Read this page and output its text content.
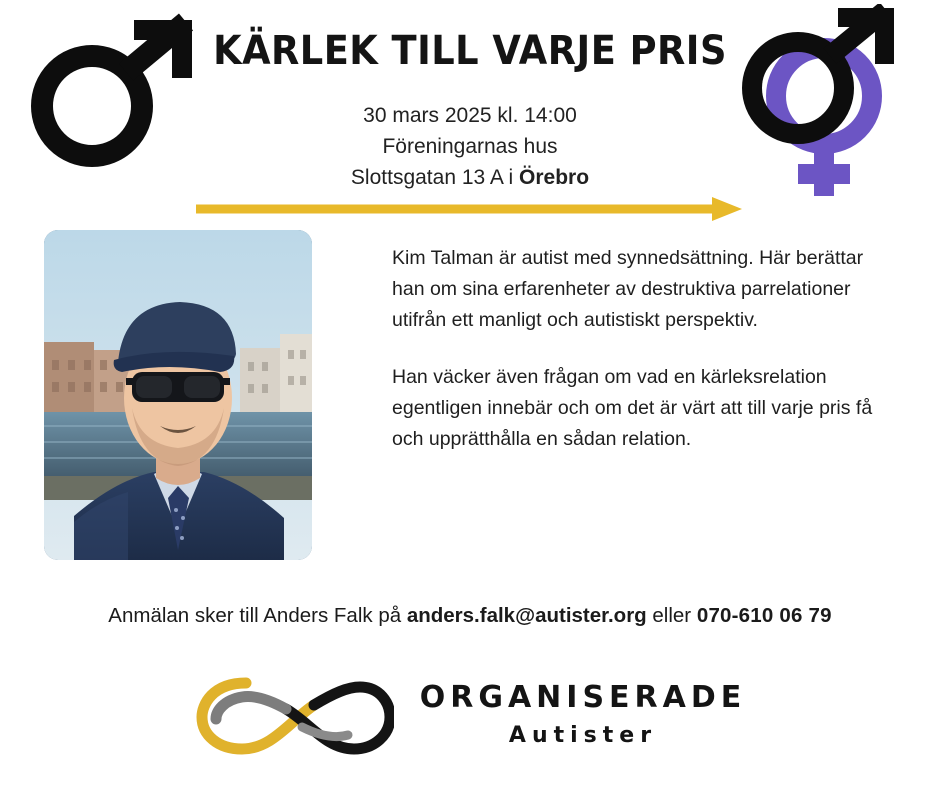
KÄRLEK TILL VARJE PRIS
30 mars 2025 kl. 14:00
Föreningarnas hus
Slottsgatan 13 A i Örebro

Kim Talman är autist med synnedsättning. Här berättar han om sina erfarenheter av destruktiva parrelationer utifrån ett manligt och autistiskt perspektiv.

Han väcker även frågan om vad en kärleksrelation egentligen innebär och om det är värt att till varje pris få och upprätthålla en sådan relation.

Anmälan sker till Anders Falk på anders.falk@autister.org eller 070-610 06 79
ORGANISERADE
Autister
